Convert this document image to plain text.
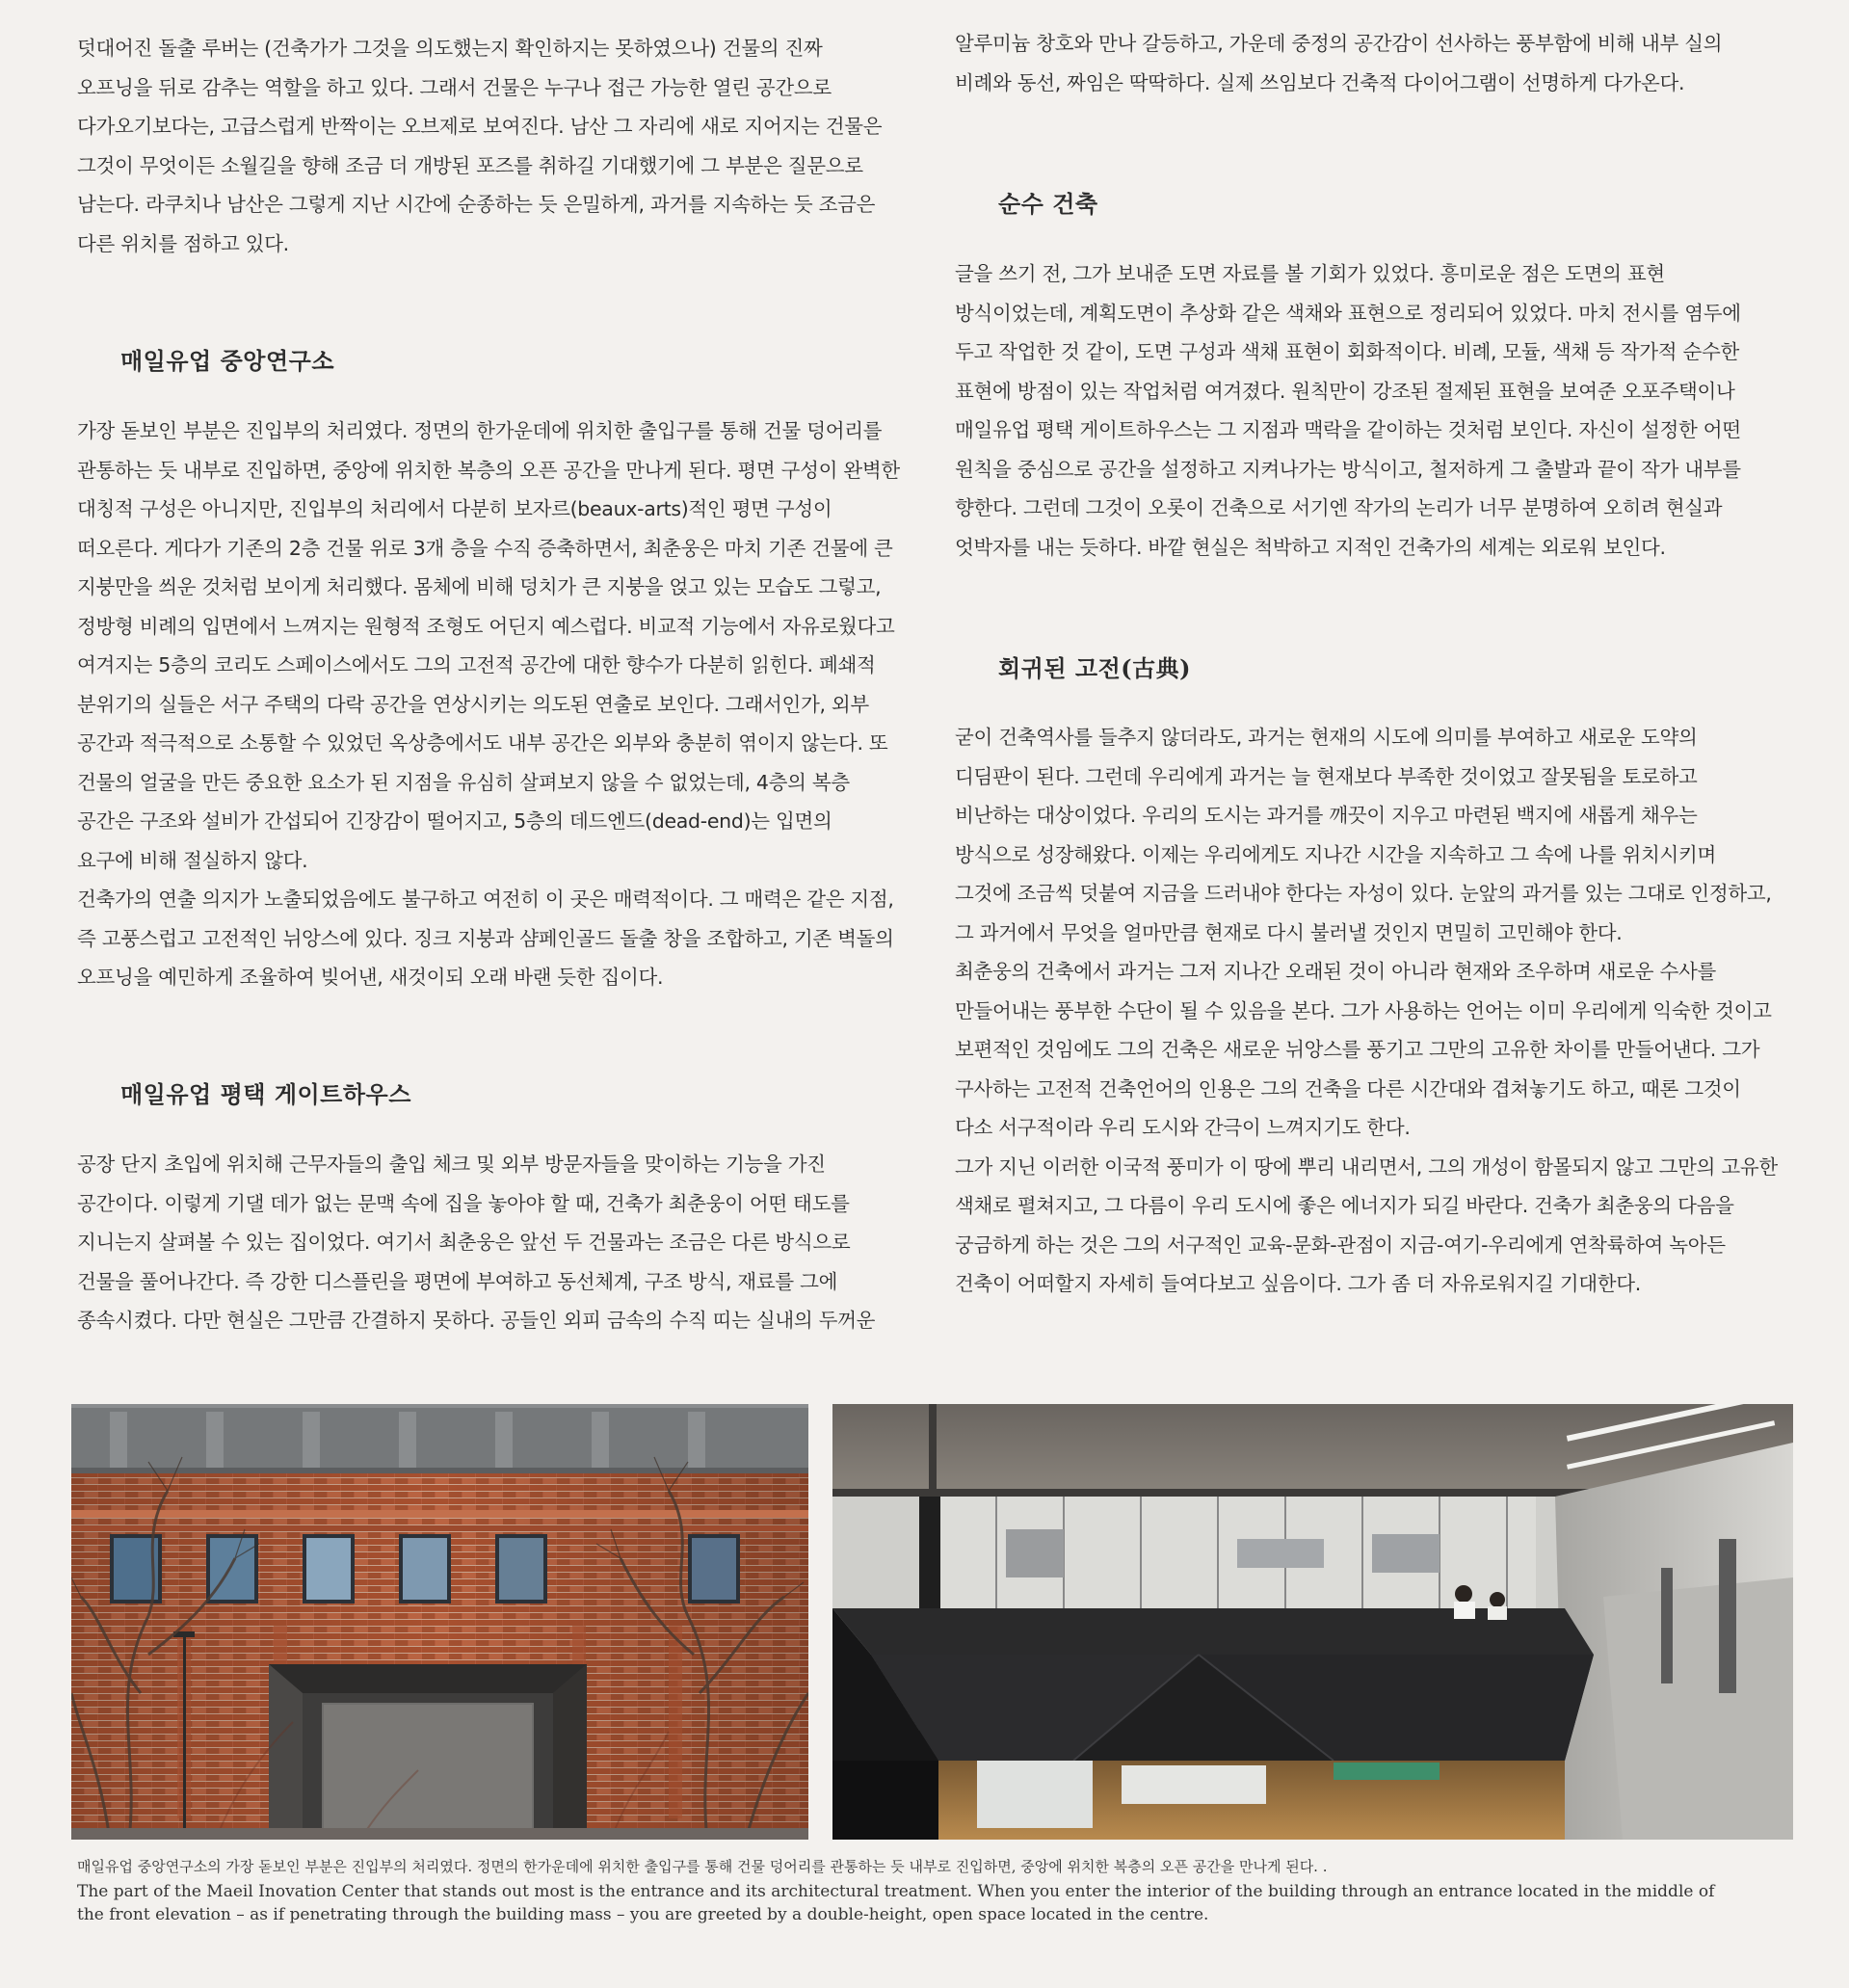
덧대어진 돌출 루버는 (건축가가 그것을 의도했는지 확인하지는 못하였으나) 건물의 진짜
오프닝을 뒤로 감추는 역할을 하고 있다. 그래서 건물은 누구나 접근 가능한 열린 공간으로
다가오기보다는, 고급스럽게 반짝이는 오브제로 보여진다. 남산 그 자리에 새로 지어지는 건물은
그것이 무엇이든 소월길을 향해 조금 더 개방된 포즈를 취하길 기대했기에 그 부분은 질문으로
남는다. 라쿠치나 남산은 그렇게 지난 시간에 순종하는 듯 은밀하게, 과거를 지속하는 듯 조금은
다른 위치를 점하고 있다.

매일유업 중앙연구소

가장 돋보인 부분은 진입부의 처리였다. 정면의 한가운데에 위치한 출입구를 통해 건물 덩어리를
관통하는 듯 내부로 진입하면, 중앙에 위치한 복층의 오픈 공간을 만나게 된다. 평면 구성이 완벽한
대칭적 구성은 아니지만, 진입부의 처리에서 다분히 보자르(beaux-arts)적인 평면 구성이
떠오른다. 게다가 기존의 2층 건물 위로 3개 층을 수직 증축하면서, 최춘웅은 마치 기존 건물에 큰
지붕만을 씌운 것처럼 보이게 처리했다. 몸체에 비해 덩치가 큰 지붕을 얹고 있는 모습도 그렇고,
정방형 비례의 입면에서 느껴지는 원형적 조형도 어딘지 예스럽다. 비교적 기능에서 자유로웠다고
여겨지는 5층의 코리도 스페이스에서도 그의 고전적 공간에 대한 향수가 다분히 읽힌다. 폐쇄적
분위기의 실들은 서구 주택의 다락 공간을 연상시키는 의도된 연출로 보인다. 그래서인가, 외부
공간과 적극적으로 소통할 수 있었던 옥상층에서도 내부 공간은 외부와 충분히 엮이지 않는다. 또
건물의 얼굴을 만든 중요한 요소가 된 지점을 유심히 살펴보지 않을 수 없었는데, 4층의 복층
공간은 구조와 설비가 간섭되어 긴장감이 떨어지고, 5층의 데드엔드(dead-end)는 입면의
요구에 비해 절실하지 않다.
건축가의 연출 의지가 노출되었음에도 불구하고 여전히 이 곳은 매력적이다. 그 매력은 같은 지점,
즉 고풍스럽고 고전적인 뉘앙스에 있다. 징크 지붕과 샴페인골드 돌출 창을 조합하고, 기존 벽돌의
오프닝을 예민하게 조율하여 빚어낸, 새것이되 오래 바랜 듯한 집이다.

매일유업 평택 게이트하우스

공장 단지 초입에 위치해 근무자들의 출입 체크 및 외부 방문자들을 맞이하는 기능을 가진
공간이다. 이렇게 기댈 데가 없는 문맥 속에 집을 놓아야 할 때, 건축가 최춘웅이 어떤 태도를
지니는지 살펴볼 수 있는 집이었다. 여기서 최춘웅은 앞선 두 건물과는 조금은 다른 방식으로
건물을 풀어나간다. 즉 강한 디스플린을 평면에 부여하고 동선체계, 구조 방식, 재료를 그에
종속시켰다. 다만 현실은 그만큼 간결하지 못하다. 공들인 외피 금속의 수직 띠는 실내의 두꺼운

알루미늄 창호와 만나 갈등하고, 가운데 중정의 공간감이 선사하는 풍부함에 비해 내부 실의
비례와 동선, 짜임은 딱딱하다. 실제 쓰임보다 건축적 다이어그램이 선명하게 다가온다.

순수 건축

글을 쓰기 전, 그가 보내준 도면 자료를 볼 기회가 있었다. 흥미로운 점은 도면의 표현
방식이었는데, 계획도면이 추상화 같은 색채와 표현으로 정리되어 있었다. 마치 전시를 염두에
두고 작업한 것 같이, 도면 구성과 색채 표현이 회화적이다. 비례, 모듈, 색채 등 작가적 순수한
표현에 방점이 있는 작업처럼 여겨졌다. 원칙만이 강조된 절제된 표현을 보여준 오포주택이나
매일유업 평택 게이트하우스는 그 지점과 맥락을 같이하는 것처럼 보인다. 자신이 설정한 어떤
원칙을 중심으로 공간을 설정하고 지켜나가는 방식이고, 철저하게 그 출발과 끝이 작가 내부를
향한다. 그런데 그것이 오롯이 건축으로 서기엔 작가의 논리가 너무 분명하여 오히려 현실과
엇박자를 내는 듯하다. 바깥 현실은 척박하고 지적인 건축가의 세계는 외로워 보인다.

회귀된 고전(古典)

굳이 건축역사를 들추지 않더라도, 과거는 현재의 시도에 의미를 부여하고 새로운 도약의
디딤판이 된다. 그런데 우리에게 과거는 늘 현재보다 부족한 것이었고 잘못됨을 토로하고
비난하는 대상이었다. 우리의 도시는 과거를 깨끗이 지우고 마련된 백지에 새롭게 채우는
방식으로 성장해왔다. 이제는 우리에게도 지나간 시간을 지속하고 그 속에 나를 위치시키며
그것에 조금씩 덧붙여 지금을 드러내야 한다는 자성이 있다. 눈앞의 과거를 있는 그대로 인정하고,
그 과거에서 무엇을 얼마만큼 현재로 다시 불러낼 것인지 면밀히 고민해야 한다.
최춘웅의 건축에서 과거는 그저 지나간 오래된 것이 아니라 현재와 조우하며 새로운 수사를
만들어내는 풍부한 수단이 될 수 있음을 본다. 그가 사용하는 언어는 이미 우리에게 익숙한 것이고
보편적인 것임에도 그의 건축은 새로운 뉘앙스를 풍기고 그만의 고유한 차이를 만들어낸다. 그가
구사하는 고전적 건축언어의 인용은 그의 건축을 다른 시간대와 겹쳐놓기도 하고, 때론 그것이
다소 서구적이라 우리 도시와 간극이 느껴지기도 한다.
그가 지닌 이러한 이국적 풍미가 이 땅에 뿌리 내리면서, 그의 개성이 함몰되지 않고 그만의 고유한
색채로 펼쳐지고, 그 다름이 우리 도시에 좋은 에너지가 되길 바란다. 건축가 최춘웅의 다음을
궁금하게 하는 것은 그의 서구적인 교육-문화-관점이 지금-여기-우리에게 연착륙하여 녹아든
건축이 어떠할지 자세히 들여다보고 싶음이다. 그가 좀 더 자유로워지길 기대한다.

매일유업 중앙연구소의 가장 돋보인 부분은 진입부의 처리였다. 정면의 한가운데에 위치한 출입구를 통해 건물 덩어리를 관통하는 듯 내부로 진입하면, 중앙에 위치한 복층의 오픈 공간을 만나게 된다. .

The part of the Maeil Inovation Center that stands out most is the entrance and its architectural treatment. When you enter the interior of the building through an entrance located in the middle of
the front elevation – as if penetrating through the building mass – you are greeted by a double-height, open space located in the centre.
